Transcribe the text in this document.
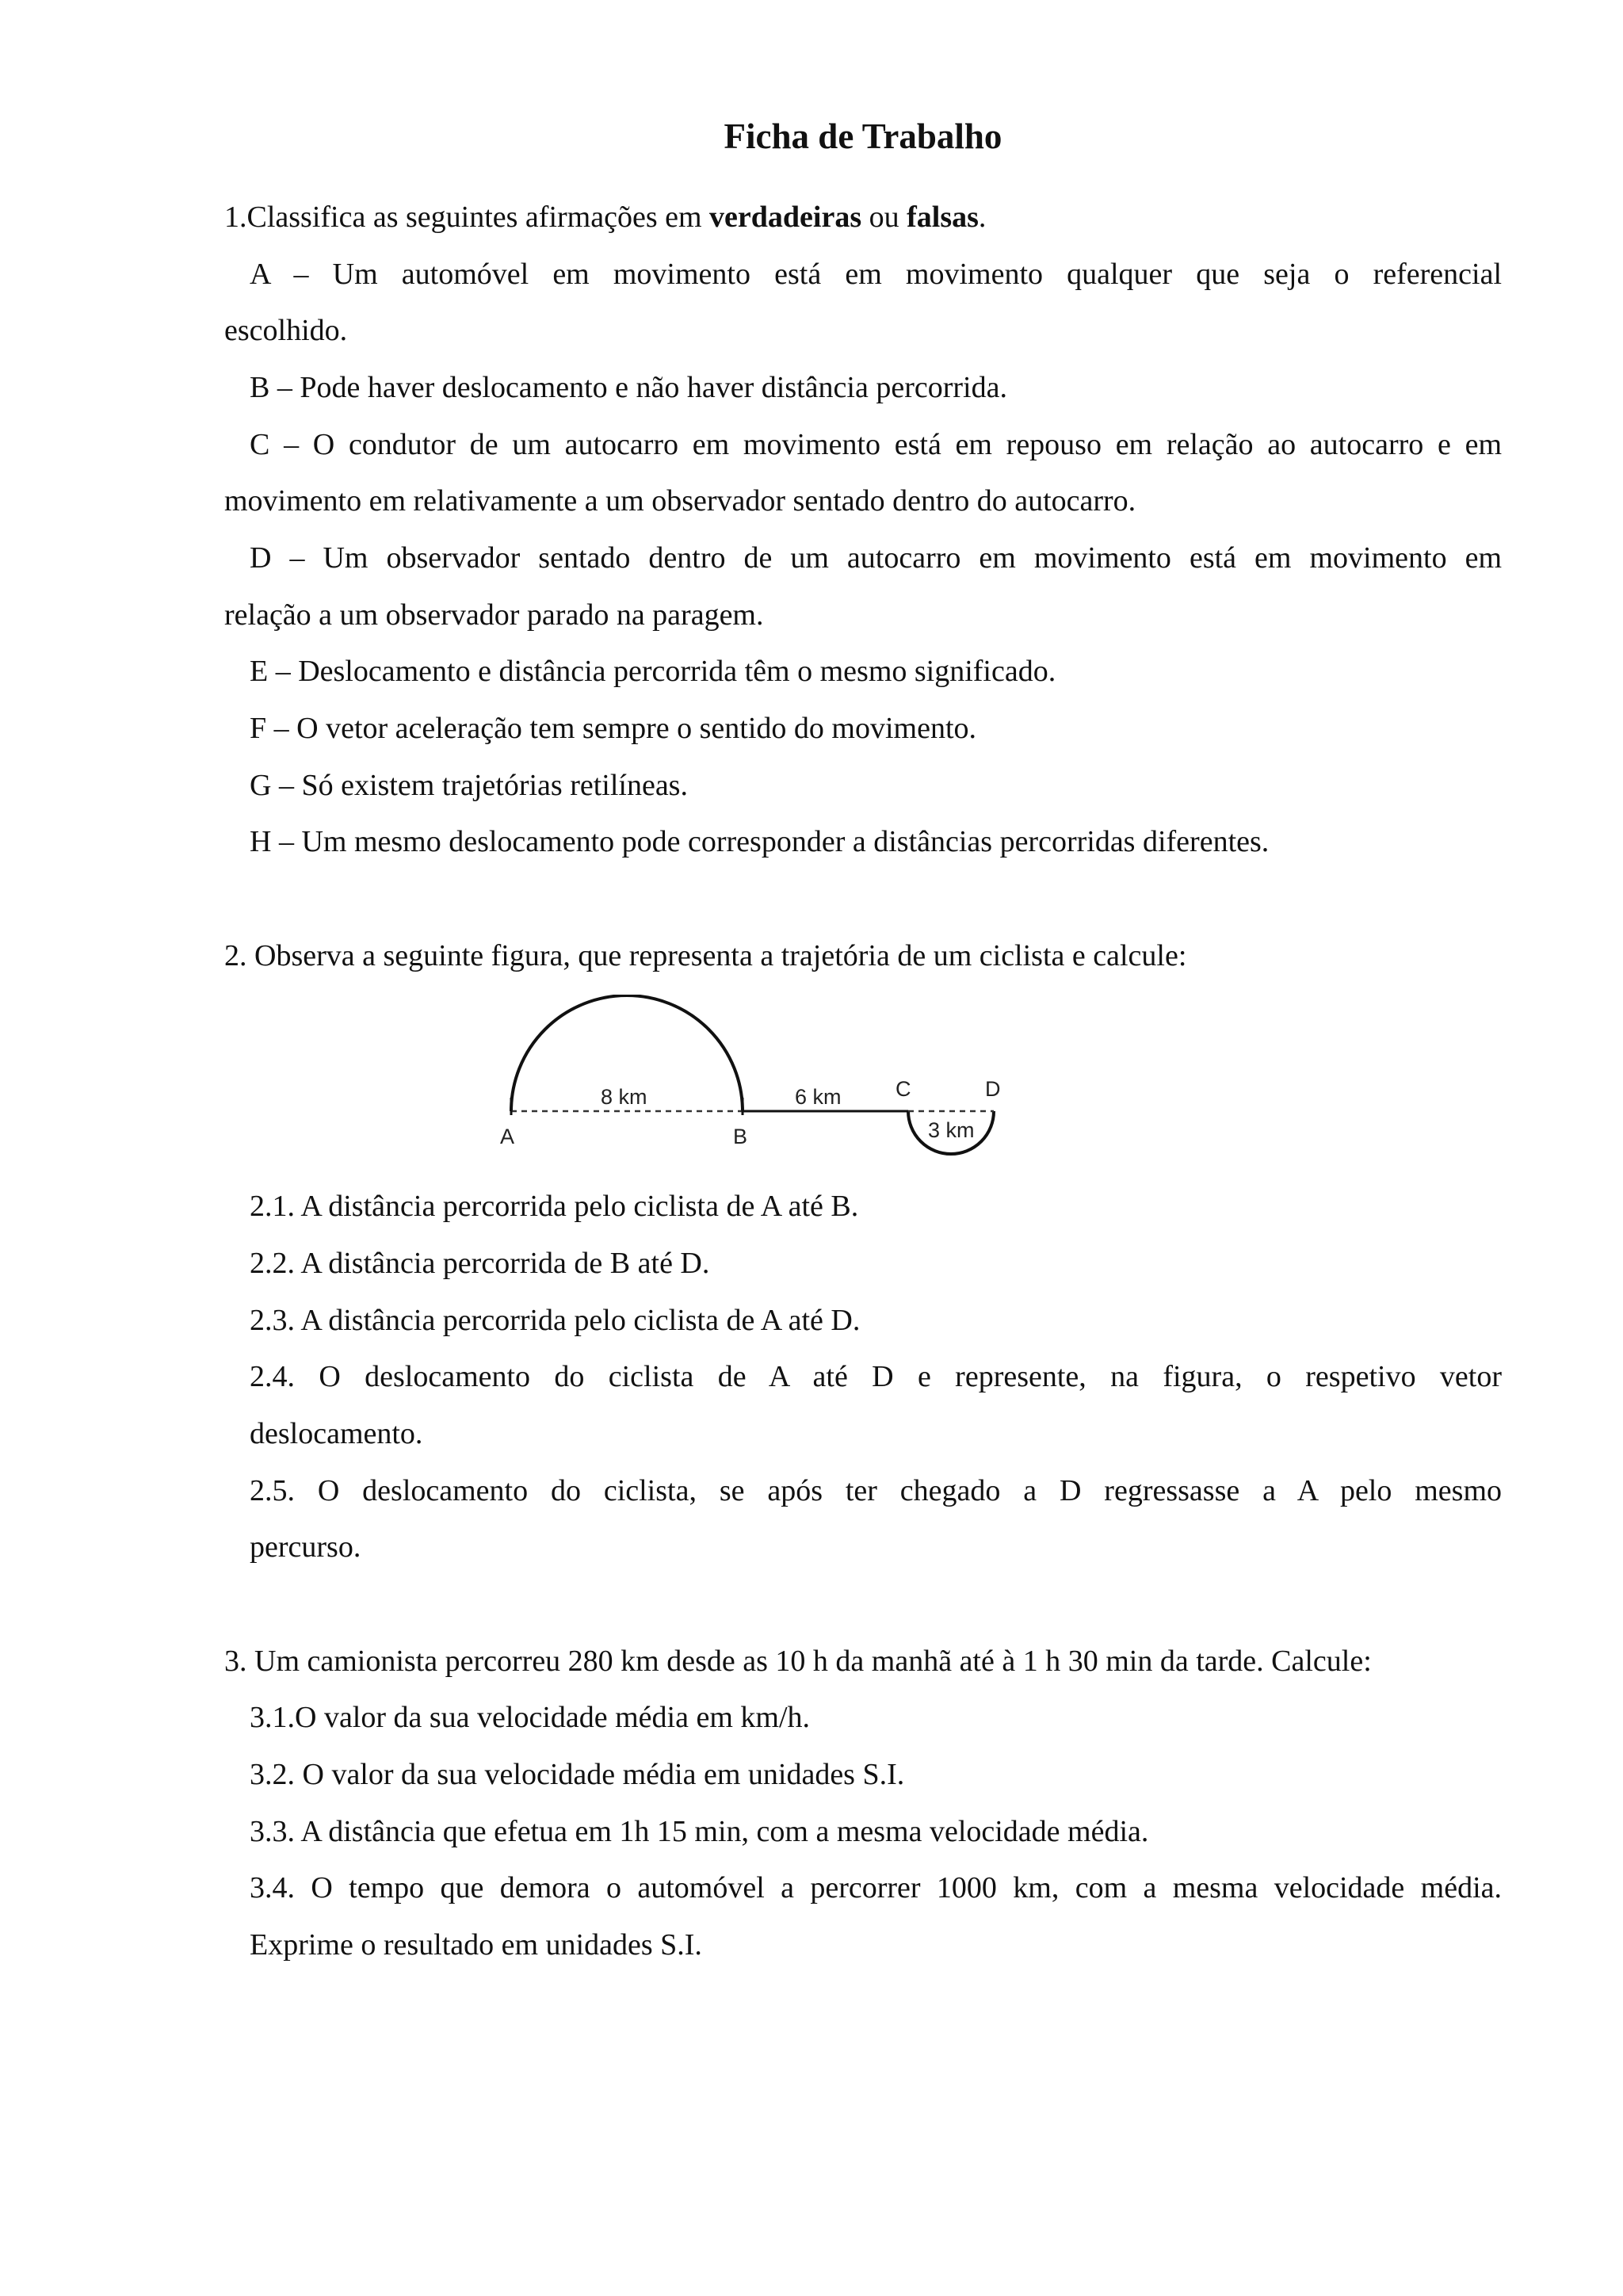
Ficha de Trabalho
1.Classifica as seguintes afirmações em verdadeiras ou falsas.
A – Um automóvel em movimento está em movimento qualquer que seja o referencial
escolhido.
B – Pode haver deslocamento e não haver distância percorrida.
C – O condutor de um autocarro em movimento está em repouso em relação ao autocarro e em
movimento em relativamente a um observador sentado dentro do autocarro.
D – Um observador sentado dentro de um autocarro em movimento está em movimento em
relação a um observador parado na paragem.
E – Deslocamento e distância percorrida têm o mesmo significado.
F – O vetor aceleração tem sempre o sentido do movimento.
G – Só existem trajetórias retilíneas.
H – Um mesmo deslocamento pode corresponder a distâncias percorridas diferentes.
2. Observa a seguinte figura, que representa a trajetória de um ciclista e calcule:
A	B
C	D
8 km	6 km
3 km
2.1. A distância percorrida pelo ciclista de A até B.
2.2. A distância percorrida de B até D.
2.3. A distância percorrida pelo ciclista de A até D.
2.4. O deslocamento do ciclista de A até D e represente, na figura, o respetivo vetor
deslocamento.
2.5. O deslocamento do ciclista, se após ter chegado a D regressasse a A pelo mesmo
percurso.
3. Um camionista percorreu 280 km desde as 10 h da manhã até à 1 h 30 min da tarde. Calcule:
3.1.O valor da sua velocidade média em km/h.
3.2. O valor da sua velocidade média em unidades S.I.
3.3. A distância que efetua em 1h 15 min, com a mesma velocidade média.
3.4. O tempo que demora o automóvel a percorrer 1000 km, com a mesma velocidade média.
Exprime o resultado em unidades S.I.
